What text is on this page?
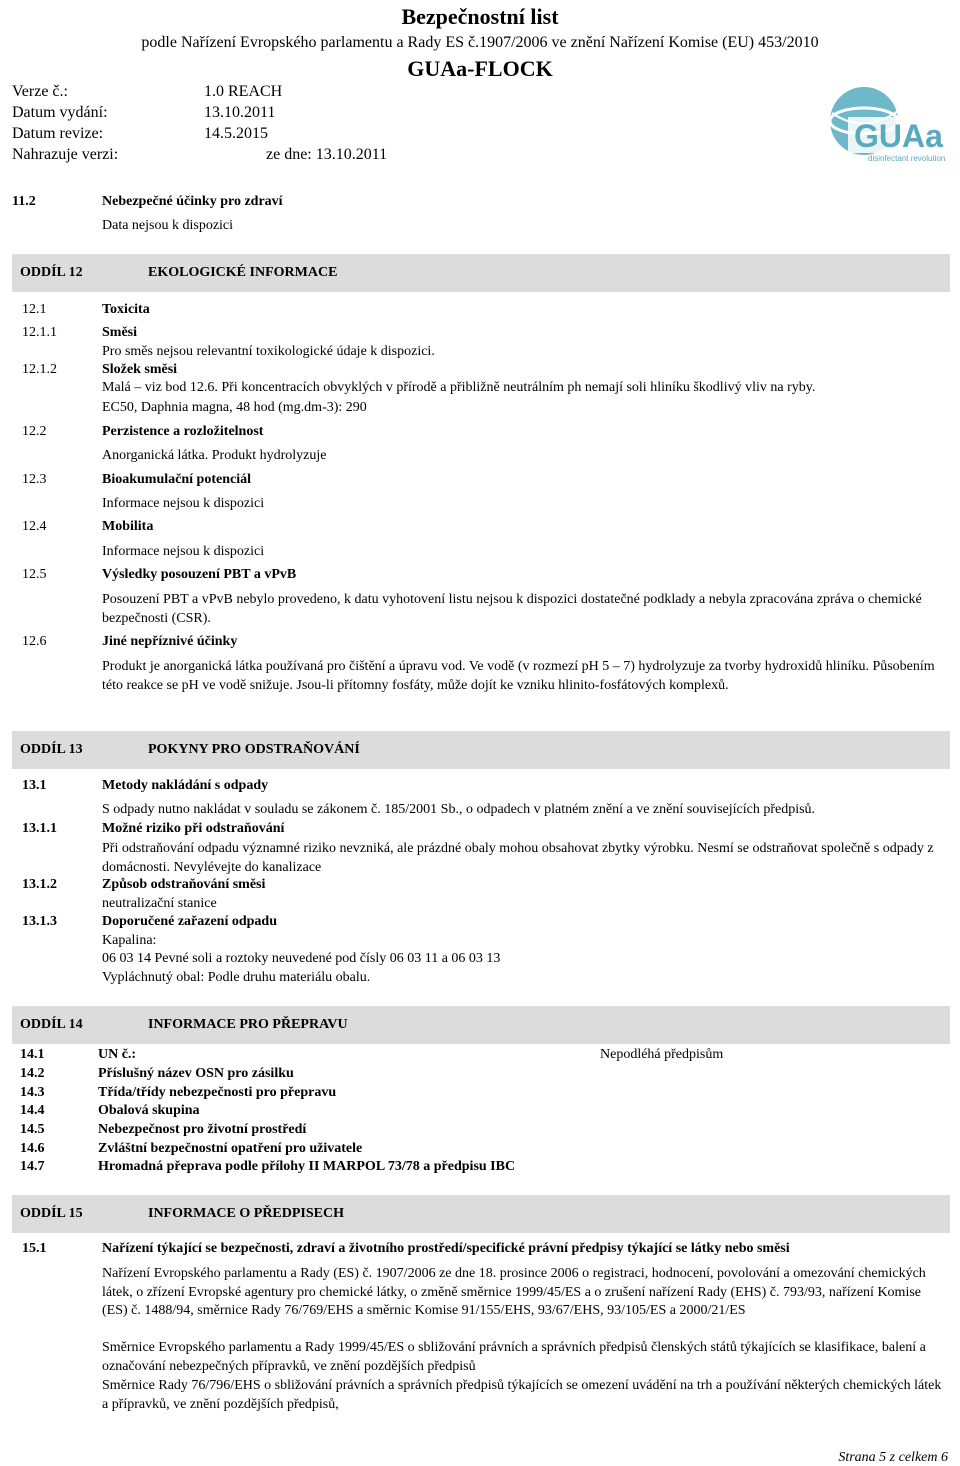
Bezpečnostní list
podle Nařízení Evropského parlamentu a Rady ES č.1907/2006 ve znění Nařízení Komise (EU) 453/2010
GUAa-FLOCK
Verze č.:	1.0 REACH
Datum vydání:	13.10.2011
Datum revize:	14.5.2015
Nahrazuje verzi:	ze dne: 13.10.2011
GUAa
disinfectant revolution
11.2	Nebezpečné účinky pro zdraví
Data nejsou k dispozici
ODDÍL 12	EKOLOGICKÉ INFORMACE
12.1	Toxicita
12.1.1	Směsi
Pro směs nejsou relevantní toxikologické údaje k dispozici.
12.1.2	Složek směsi
Malá – viz bod 12.6. Při koncentracích obvyklých v přírodě a přibližně neutrálním ph nemají soli hliníku škodlivý vliv na ryby.
EC50, Daphnia magna, 48 hod (mg.dm-3): 290
12.2	Perzistence a rozložitelnost
Anorganická látka. Produkt hydrolyzuje
12.3	Bioakumulační potenciál
Informace nejsou k dispozici
12.4	Mobilita
Informace nejsou k dispozici
12.5	Výsledky posouzení PBT a vPvB
Posouzení PBT a vPvB nebylo provedeno, k datu vyhotovení listu nejsou k dispozici dostatečné podklady a nebyla zpracována zpráva o chemické bezpečnosti (CSR).
12.6	Jiné nepříznivé účinky
Produkt je anorganická látka používaná pro čištění a úpravu vod. Ve vodě (v rozmezí pH 5 – 7) hydrolyzuje za tvorby hydroxidů hliníku. Působením této reakce se pH ve vodě snižuje. Jsou-li přítomny fosfáty, může dojít ke vzniku hlinito-fosfátových komplexů.
ODDÍL 13	POKYNY PRO ODSTRAŇOVÁNÍ
13.1	Metody nakládání s odpady
S odpady nutno nakládat v souladu se zákonem č. 185/2001 Sb., o odpadech v platném znění a ve znění souvisejících předpisů.
13.1.1	Možné riziko při odstraňování
Při odstraňování odpadu významné riziko nevzniká, ale prázdné obaly mohou obsahovat zbytky výrobku. Nesmí se odstraňovat společně s odpady z domácnosti. Nevylévejte do kanalizace
13.1.2	Způsob odstraňování směsi
neutralizační stanice
13.1.3	Doporučené zařazení odpadu
Kapalina:
06 03 14 Pevné soli a roztoky neuvedené pod čísly 06 03 11 a 06 03 13
Vypláchnutý obal: Podle druhu materiálu obalu.
ODDÍL 14	INFORMACE PRO PŘEPRAVU
14.1	UN č.:	Nepodléhá předpisům
14.2	Příslušný název OSN pro zásilku
14.3	Třída/třídy nebezpečnosti pro přepravu
14.4	Obalová skupina
14.5	Nebezpečnost pro životní prostředí
14.6	Zvláštní bezpečnostní opatření pro uživatele
14.7	Hromadná přeprava podle přílohy II MARPOL 73/78 a předpisu IBC
ODDÍL 15	INFORMACE O PŘEDPISECH
15.1	Nařízení týkající se bezpečnosti, zdraví a životního prostředí/specifické právní předpisy týkající se látky nebo směsi
Nařízení Evropského parlamentu a Rady (ES) č. 1907/2006 ze dne 18. prosince 2006 o registraci, hodnocení, povolování a omezování chemických látek, o zřízení Evropské agentury pro chemické látky, o změně směrnice 1999/45/ES a o zrušení nařízení Rady (EHS) č. 793/93, nařízení Komise (ES) č. 1488/94, směrnice Rady 76/769/EHS a směrnic Komise 91/155/EHS, 93/67/EHS, 93/105/ES a 2000/21/ES
Směrnice Evropského parlamentu a Rady 1999/45/ES o sbližování právních a správních předpisů členských států týkajících se klasifikace, balení a označování nebezpečných přípravků, ve znění pozdějších předpisů
Směrnice Rady 76/796/EHS o sbližování právních a správních předpisů týkajících se omezení uvádění na trh a používání některých chemických látek a přípravků, ve znění pozdějších předpisů,
Strana 5 z celkem 6
